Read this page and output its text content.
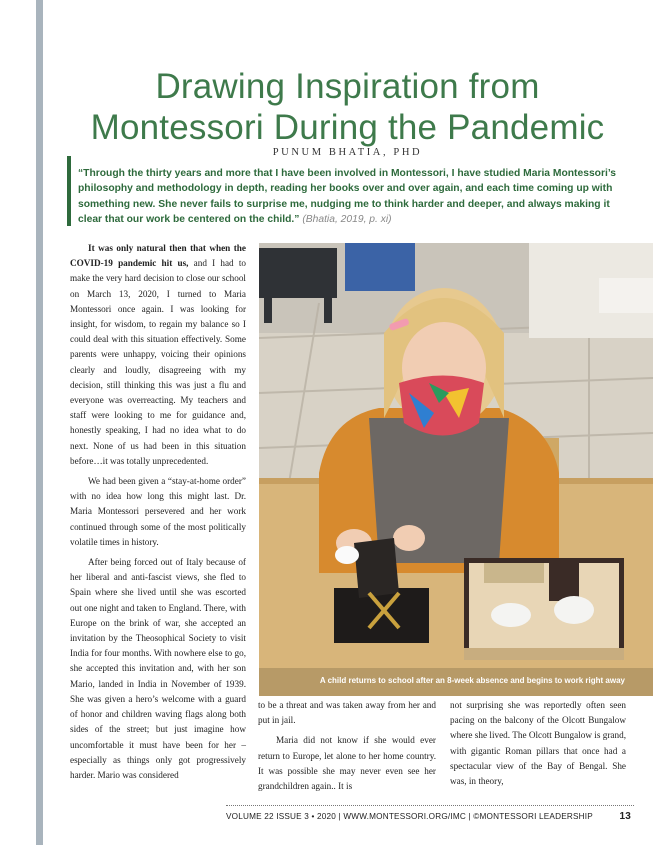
Drawing Inspiration from
Montessori During the Pandemic
PUNUM BHATIA, PHD

“Through the thirty years and more that I have been involved in Montessori, I have studied Maria Montessori’s philosophy and methodology in depth, reading her books over and over again, and each time coming up with something new. She never fails to surprise me, nudging me to think harder and deeper, and always making it clear that our work be centered on the child.” (Bhatia, 2019, p. xi)

It was only natural then that when the COVID-19 pandemic hit us, and I had to make the very hard decision to close our school on March 13, 2020, I turned to Maria Montessori once again. I was looking for insight, for wisdom, to regain my balance so I could deal with this situation effectively. Some parents were unhappy, voicing their opinions clearly and loudly, disagreeing with my decision, still thinking this was just a flu and everyone was overreacting. My teachers and staff were looking to me for guidance and, honestly speaking, I had no idea what to do next. None of us had been in this situation before…it was totally unprecedented.

We had been given a “stay-at-home order” with no idea how long this might last. Dr. Maria Montessori persevered and her work continued through some of the most politically volatile times in history.

After being forced out of Italy because of her liberal and anti-fascist views, she fled to Spain where she lived until she was escorted out one night and taken to England. There, with Europe on the brink of war, she accepted an invitation by the Theosophical Society to visit India for four months. With nowhere else to go, she accepted this invitation and, with her son Mario, landed in India in November of 1939. She was given a hero’s welcome with a guard of honor and children waving flags along both sides of the street; but just imagine how uncomfortable it must have been for her – especially as things only got progressively harder. Mario was considered

A child returns to school after an 8-week absence and begins to work right away

to be a threat and was taken away from her and put in jail.

Maria did not know if she would ever return to Europe, let alone to her home country. It was possible she may never even see her grandchildren again.. It is

not surprising she was reportedly often seen pacing on the balcony of the Olcott Bungalow where she lived. The Olcott Bungalow is grand, with gigantic Roman pillars that once had a spectacular view of the Bay of Bengal. She was, in theory,

VOLUME 22 ISSUE 3 • 2020 | WWW.MONTESSORI.ORG/IMC | ©MONTESSORI LEADERSHIP	13
